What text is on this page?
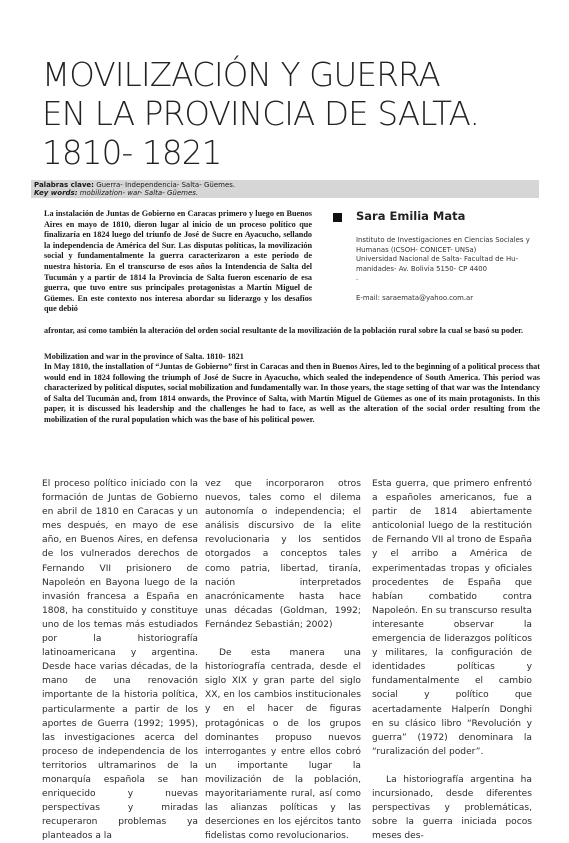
MOVILIZACIÓN Y GUERRA
EN LA PROVINCIA DE SALTA.
1810- 1821
Palabras clave: Guerra- Independencia- Salta- Güemes.
Key words: mobilization- war- Salta- Güemes.
La instalación de Juntas de Gobierno en Caracas primero y luego en Buenos Aires en mayo de 1810, dieron lugar al inicio de un proceso político que finalizaría en 1824 luego del triunfo de José de Sucre en Ayacucho, sellando la independencia de América del Sur. Las disputas políticas, la movilización social y fundamentalmente la guerra caracterizaron a este período de nuestra historia. En el transcurso de esos años la Intendencia de Salta del Tucumán y a partir de 1814 la Provincia de Salta fueron escenario de esa guerra, que tuvo entre sus principales protagonistas a Martín Miguel de Güemes. En este contexto nos interesa abordar su liderazgo y los desafíos que debió
afrontar, así como también la alteración del orden social resultante de la movilización de la población rural sobre la cual se basó su poder.
Sara Emilia Mata
Instituto de Investigaciones en Ciencias Sociales y
Humanas (ICSOH- CONICET- UNSa)
Universidad Nacional de Salta- Facultad de Hu-
manidades- Av. Bolivia 5150- CP 4400
.
E-mail: saraemata@yahoo.com.ar
Mobilization and war in the province of Salta. 1810- 1821
In May 1810, the installation of “Juntas de Gobierno” first in Caracas and then in Buenos Aires, led to the beginning of a political process that would end in 1824 following the triumph of José de Sucre in Ayacucho, which sealed the independence of South America. This period was characterized by political disputes, social mobilization and fundamentally war. In those years, the stage setting of that war was the Intendancy of Salta del Tucumán and, from 1814 onwards, the Province of Salta, with Martín Miguel de Güemes as one of its main protagonists. In this paper, it is discussed his leadership and the challenges he had to face, as well as the alteration of the social order resulting from the mobilization of the rural population which was the base of his political power.

El proceso político iniciado con la formación de Juntas de Gobierno en abril de 1810 en Caracas y un mes después, en mayo de ese año, en Buenos Aires, en defensa de los vulnerados derechos de Fernando VII prisionero de Napoleón en Bayona luego de la invasión francesa a España en 1808, ha constituido y constituye uno de los temas más estudiados por la historiografía latinoamericana y argentina. Desde hace varias décadas, de la mano de una renovación importante de la historia política, particularmente a partir de los aportes de Guerra (1992; 1995), las investigaciones acerca del proceso de independencia de los territorios ultramarinos de la monarquía española se han enriquecido y nuevas perspectivas y miradas recuperaron problemas ya planteados a la

vez que incorporaron otros nuevos, tales como el dilema autonomía o independencia; el análisis discursivo de la elite revolucionaria y los sentidos otorgados a conceptos tales como patria, libertad, tiranía, nación interpretados anacrónicamente hasta hace unas décadas (Goldman, 1992; Fernández Sebastián; 2002)

De esta manera una historiografía centrada, desde el siglo XIX y gran parte del siglo XX, en los cambios institucionales y en el hacer de figuras protagónicas o de los grupos dominantes propuso nuevos interrogantes y entre ellos cobró un importante lugar la movilización de la población, mayoritariamente rural, así como las alianzas políticas y las deserciones en los ejércitos tanto fidelistas como revolucionarios.

Esta guerra, que primero enfrentó a españoles americanos, fue a partir de 1814 abiertamente anticolonial luego de la restitución de Fernando VII al trono de España y el arribo a América de experimentadas tropas y oficiales procedentes de España que habían combatido contra Napoleón. En su transcurso resulta interesante observar la emergencia de liderazgos políticos y militares, la configuración de identidades políticas y fundamentalmente el cambio social y político que acertadamente Halperín Donghi en su clásico libro “Revolución y guerra” (1972) denominara la “ruralización del poder”.

La historiografía argentina ha incursionado, desde diferentes perspectivas y problemáticas, sobre la guerra iniciada pocos meses des-
